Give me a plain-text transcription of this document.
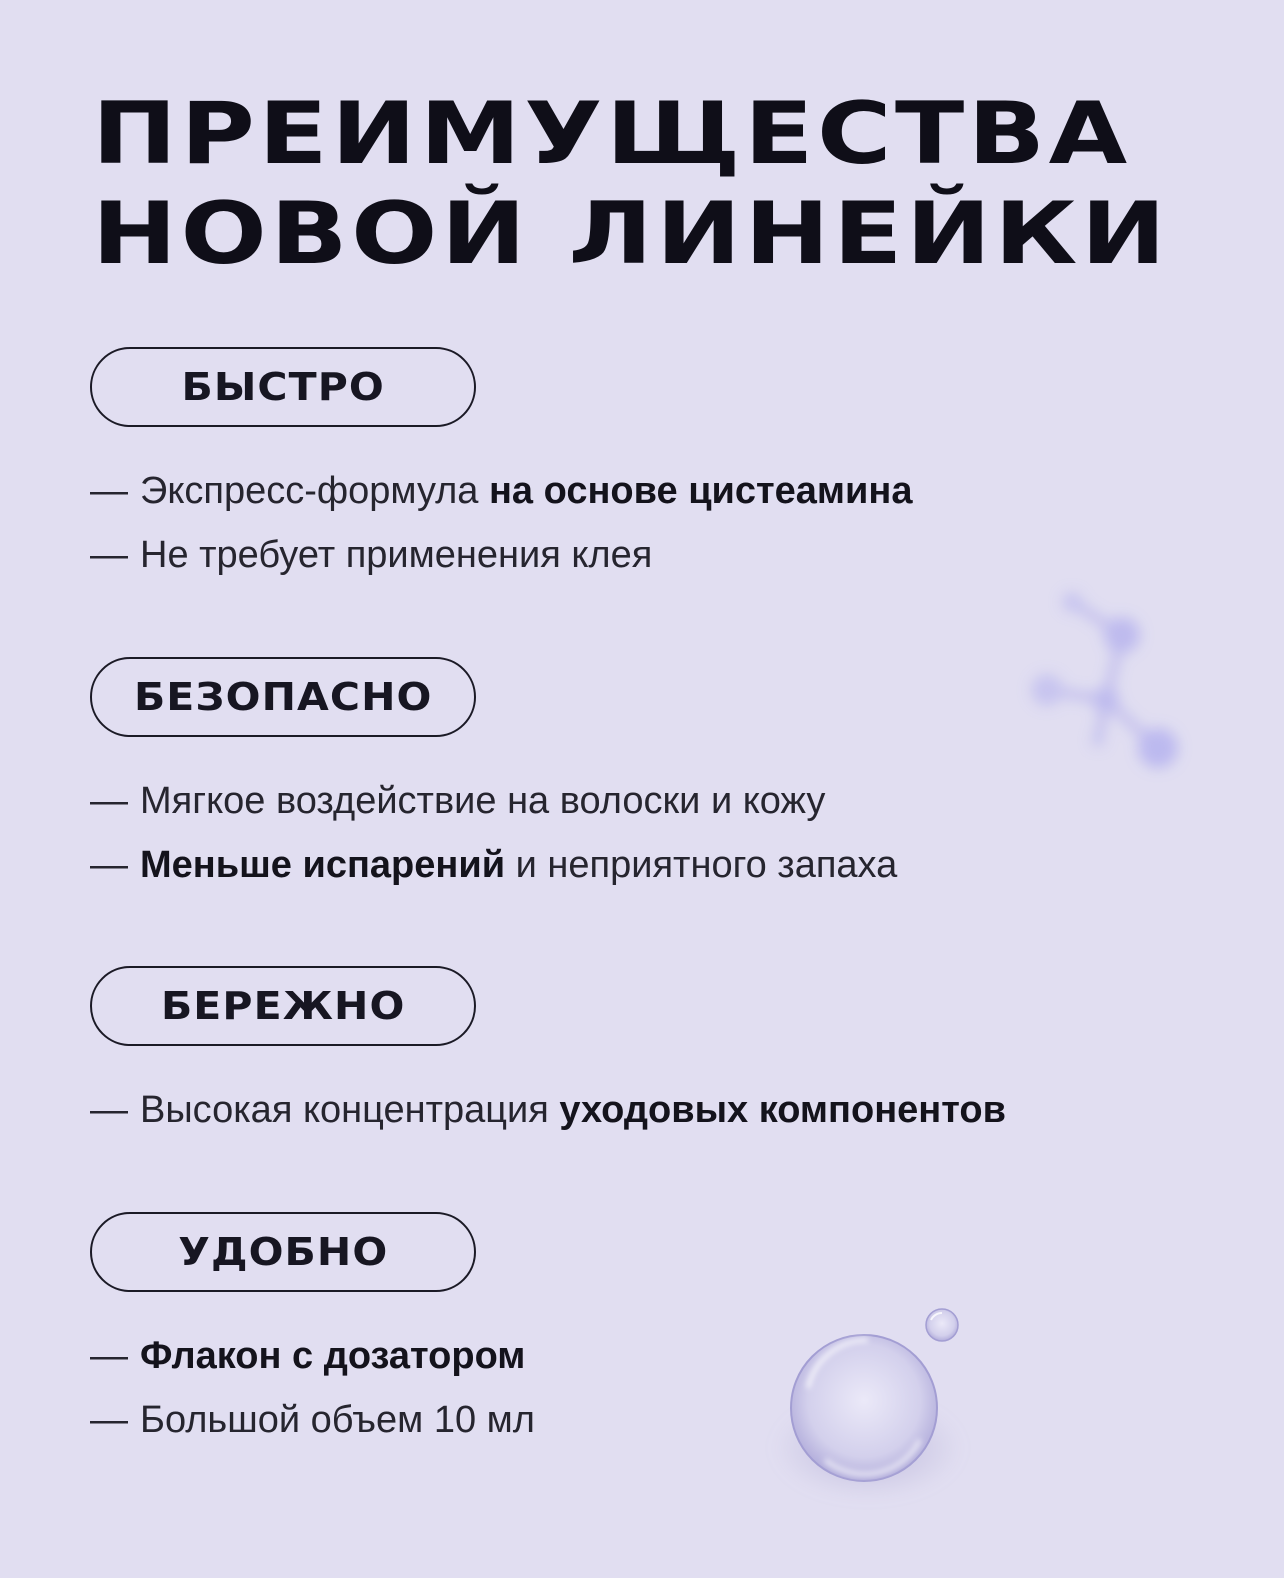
ПРЕИМУЩЕСТВА
НОВОЙ ЛИНЕЙКИ
БЫСТРО
— Экспресс-формула на основе цистеамина
— Не требует применения клея
БЕЗОПАСНО
— Мягкое воздействие на волоски и кожу
— Меньше испарений и неприятного запаха
БЕРЕЖНО
— Высокая концентрация уходовых компонентов
УДОБНО
— Флакон с дозатором
— Большой объем 10 мл
